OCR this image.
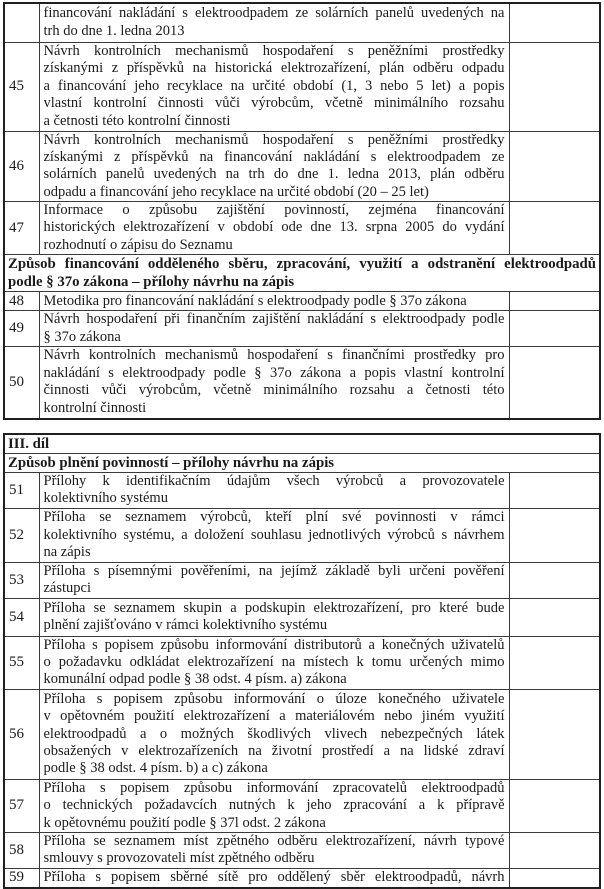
	financování nakládání s elektroodpadem ze solárních panelů uvedených na
trh do dne 1. ledna 2013	

45	Návrh kontrolních mechanismů hospodaření s peněžními prostředky
získanými z příspěvků na historická elektrozařízení, plán odběru odpadu
a financování jeho recyklace na určité období (1, 3 nebo 5 let) a popis
vlastní kontrolní činnosti vůči výrobcům, včetně minimálního rozsahu
a četnosti této kontrolní činnosti	

46	Návrh kontrolních mechanismů hospodaření s peněžními prostředky
získanými z příspěvků na financování nakládání s elektroodpadem ze
solárních panelů uvedených na trh do dne 1. ledna 2013, plán odběru
odpadu a financování jeho recyklace na určité období (20 – 25 let)	

47	Informace o způsobu zajištění povinností, zejména financování
historických elektrozařízení v období ode dne 13. srpna 2005 do vydání
rozhodnutí o zápisu do Seznamu	

Způsob financování odděleného sběru, zpracování, využití a odstranění elektroodpadů
podle § 37o zákona – přílohy návrhu na zápis		

48	Metodika pro financování nakládání s elektroodpady podle § 37o zákona	

49	Návrh hospodaření při finančním zajištění nakládání s elektroodpady podle
§ 37o zákona	

50	Návrh kontrolních mechanismů hospodaření s finančními prostředky pro
nakládání s elektroodpady podle § 37o zákona a popis vlastní kontrolní
činnosti vůči výrobcům, včetně minimálního rozsahu a četnosti této
kontrolní činnosti	

III. díl		

Způsob plnění povinností – přílohy návrhu na zápis		

51	Přílohy k identifikačním údajům všech výrobců a provozovatele
kolektivního systému	

52	Příloha se seznamem výrobců, kteří plní své povinnosti v rámci
kolektivního systému, a doložení souhlasu jednotlivých výrobců s návrhem
na zápis	

53	Příloha s písemnými pověřeními, na jejímž základě byli určeni pověření
zástupci	

54	Příloha se seznamem skupin a podskupin elektrozařízení, pro které bude
plnění zajišťováno v rámci kolektivního systému	

55	Příloha s popisem způsobu informování distributorů a konečných uživatelů
o požadavku odkládat elektrozařízení na místech k tomu určených mimo
komunální odpad podle § 38 odst. 4 písm. a) zákona	

56	Příloha s popisem způsobu informování o úloze konečného uživatele
v opětovném použití elektrozařízení a materiálovém nebo jiném využití
elektroodpadů a o možných škodlivých vlivech nebezpečných látek
obsažených v elektrozařízeních na životní prostředí a na lidské zdraví
podle § 38 odst. 4 písm. b) a c) zákona	

57	Příloha s popisem způsobu informování zpracovatelů elektroodpadů
o technických požadavcích nutných k jeho zpracování a k přípravě
k opětovnému použití podle § 37l odst. 2 zákona	

58	Příloha se seznamem míst zpětného odběru elektrozařízení, návrh typové
smlouvy s provozovateli míst zpětného odběru	

59	Příloha s popisem sběrné sítě pro oddělený sběr elektroodpadů, návrh	
